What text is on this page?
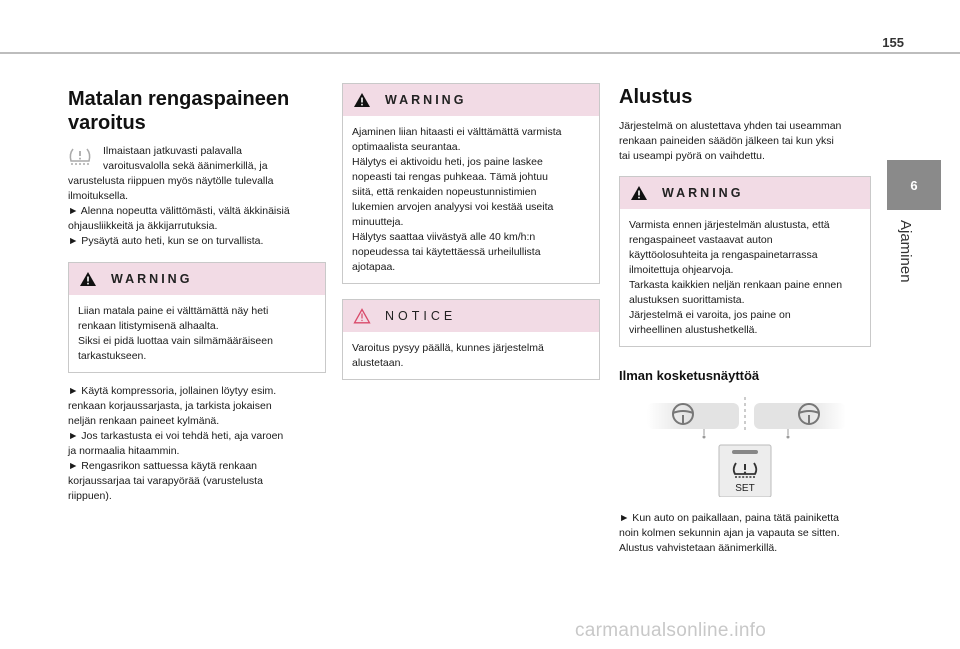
155
6
Ajaminen
Matalan rengaspaineen varoitus

Ilmaistaan jatkuvasti palavalla

varoitusvalolla sekä äänimerkillä, ja

varustelusta riippuen myös näytölle tulevalla

ilmoituksella.

► Alenna nopeutta välittömästi, vältä äkkinäisiä

ohjausliikkeitä ja äkkijarrutuksia.

► Pysäytä auto heti, kun se on turvallista.

WARNING

Liian matala paine ei välttämättä näy heti

renkaan litistymisenä alhaalta.

Siksi ei pidä luottaa vain silmämääräiseen

tarkastukseen.

► Käytä kompressoria, jollainen löytyy esim.

renkaan korjaussarjasta, ja tarkista jokaisen

neljän renkaan paineet kylmänä.

► Jos tarkastusta ei voi tehdä heti, aja varoen

ja normaalia hitaammin.

► Rengasrikon sattuessa käytä renkaan

korjaussarjaa tai varapyörää (varustelusta

riippuen).

WARNING

Ajaminen liian hitaasti ei välttämättä varmista

optimaalista seurantaa.

Hälytys ei aktivoidu heti, jos paine laskee

nopeasti tai rengas puhkeaa. Tämä johtuu

siitä, että renkaiden nopeustunnistimien

lukemien arvojen analyysi voi kestää useita

minuutteja.

Hälytys saattaa viivästyä alle 40 km/h:n

nopeudessa tai käytettäessä urheilullista

ajotapaa.

NOTICE

Varoitus pysyy päällä, kunnes järjestelmä

alustetaan.

Alustus

Järjestelmä on alustettava yhden tai useamman

renkaan paineiden säädön jälkeen tai kun yksi

tai useampi pyörä on vaihdettu.

WARNING

Varmista ennen järjestelmän alustusta, että

rengaspaineet vastaavat auton

käyttöolosuhteita ja rengaspainetarrassa

ilmoitettuja ohjearvoja.

Tarkasta kaikkien neljän renkaan paine ennen

alustuksen suorittamista.

Järjestelmä ei varoita, jos paine on

virheellinen alustushetkellä.

Ilman kosketusnäyttöä
SET

► Kun auto on paikallaan, paina tätä painiketta

noin kolmen sekunnin ajan ja vapauta se sitten.

Alustus vahvistetaan äänimerkillä.

carmanualsonline.info
